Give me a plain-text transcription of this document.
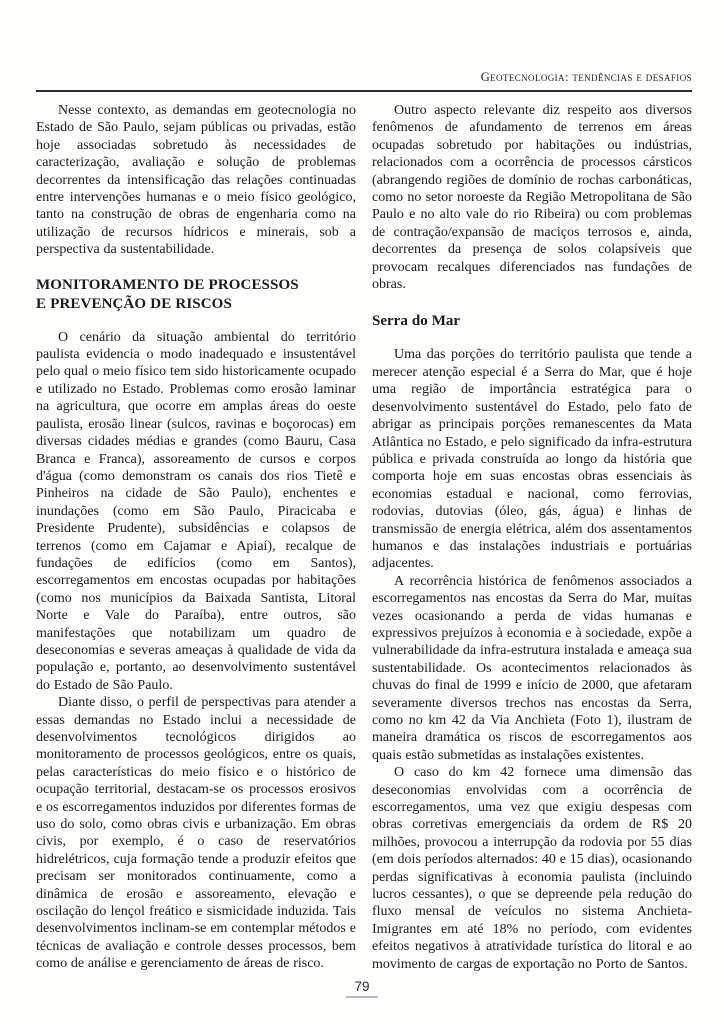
Geotecnologia: tendências e desafios

Nesse contexto, as demandas em geotecnologia no Estado de São Paulo, sejam públicas ou privadas, estão hoje associadas sobretudo às necessidades de caracterização, avaliação e solução de problemas decorrentes da intensificação das relações continuadas entre intervenções humanas e o meio físico geológico, tanto na construção de obras de engenharia como na utilização de recursos hídricos e minerais, sob a perspectiva da sustentabilidade.

MONITORAMENTO DE PROCESSOS
E PREVENÇÃO DE RISCOS

O cenário da situação ambiental do território paulista evidencia o modo inadequado e insustentável pelo qual o meio físico tem sido historicamente ocupado e utilizado no Estado. Problemas como erosão laminar na agricultura, que ocorre em amplas áreas do oeste paulista, erosão linear (sulcos, ravinas e boçorocas) em diversas cidades médias e grandes (como Bauru, Casa Branca e Franca), assoreamento de cursos e corpos d'água (como demonstram os canais dos rios Tietê e Pinheiros na cidade de São Paulo), enchentes e inundações (como em São Paulo, Piracicaba e Presidente Prudente), subsidências e colapsos de terrenos (como em Cajamar e Apiaí), recalque de fundações de edifícios (como em Santos), escorregamentos em encostas ocupadas por habitações (como nos municípios da Baixada Santista, Litoral Norte e Vale do Paraíba), entre outros, são manifestações que notabilizam um quadro de deseconomias e severas ameaças à qualidade de vida da população e, portanto, ao desenvolvimento sustentável do Estado de São Paulo.

Diante disso, o perfil de perspectivas para atender a essas demandas no Estado inclui a necessidade de desenvolvimentos tecnológicos dirigidos ao monitoramento de processos geológicos, entre os quais, pelas características do meio físico e o histórico de ocupação territorial, destacam-se os processos erosivos e os escorregamentos induzidos por diferentes formas de uso do solo, como obras civis e urbanização. Em obras civis, por exemplo, é o caso de reservatórios hidrelétricos, cuja formação tende a produzir efeitos que precisam ser monitorados continuamente, como a dinâmica de erosão e assoreamento, elevação e oscilação do lençol freático e sismicidade induzida. Tais desenvolvimentos inclinam-se em contemplar métodos e técnicas de avaliação e controle desses processos, bem como de análise e gerenciamento de áreas de risco.

Outro aspecto relevante diz respeito aos diversos fenômenos de afundamento de terrenos em áreas ocupadas sobretudo por habitações ou indústrias, relacionados com a ocorrência de processos cársticos (abrangendo regiões de domínio de rochas carbonáticas, como no setor noroeste da Região Metropolitana de São Paulo e no alto vale do rio Ribeira) ou com problemas de contração/expansão de maciços terrosos e, ainda, decorrentes da presença de solos colapsíveis que provocam recalques diferenciados nas fundações de obras.

Serra do Mar

Uma das porções do território paulista que tende a merecer atenção especial é a Serra do Mar, que é hoje uma região de importância estratégica para o desenvolvimento sustentável do Estado, pelo fato de abrigar as principais porções remanescentes da Mata Atlântica no Estado, e pelo significado da infra-estrutura pública e privada construída ao longo da história que comporta hoje em suas encostas obras essenciais às economias estadual e nacional, como ferrovias, rodovias, dutovias (óleo, gás, água) e linhas de transmissão de energia elétrica, além dos assentamentos humanos e das instalações industriais e portuárias adjacentes.

A recorrência histórica de fenômenos associados a escorregamentos nas encostas da Serra do Mar, muitas vezes ocasionando a perda de vidas humanas e expressivos prejuízos à economia e à sociedade, expõe a vulnerabilidade da infra-estrutura instalada e ameaça sua sustentabilidade. Os acontecimentos relacionados às chuvas do final de 1999 e início de 2000, que afetaram severamente diversos trechos nas encostas da Serra, como no km 42 da Via Anchieta (Foto 1), ilustram de maneira dramática os riscos de escorregamentos aos quais estão submetidas as instalações existentes.

O caso do km 42 fornece uma dimensão das deseconomias envolvidas com a ocorrência de escorregamentos, uma vez que exigiu despesas com obras corretivas emergenciais da ordem de R$ 20 milhões, provocou a interrupção da rodovia por 55 dias (em dois períodos alternados: 40 e 15 dias), ocasionando perdas significativas à economia paulista (incluindo lucros cessantes), o que se depreende pela redução do fluxo mensal de veículos no sistema Anchieta-Imigrantes em até 18% no período, com evidentes efeitos negativos à atratividade turística do litoral e ao movimento de cargas de exportação no Porto de Santos.

79
